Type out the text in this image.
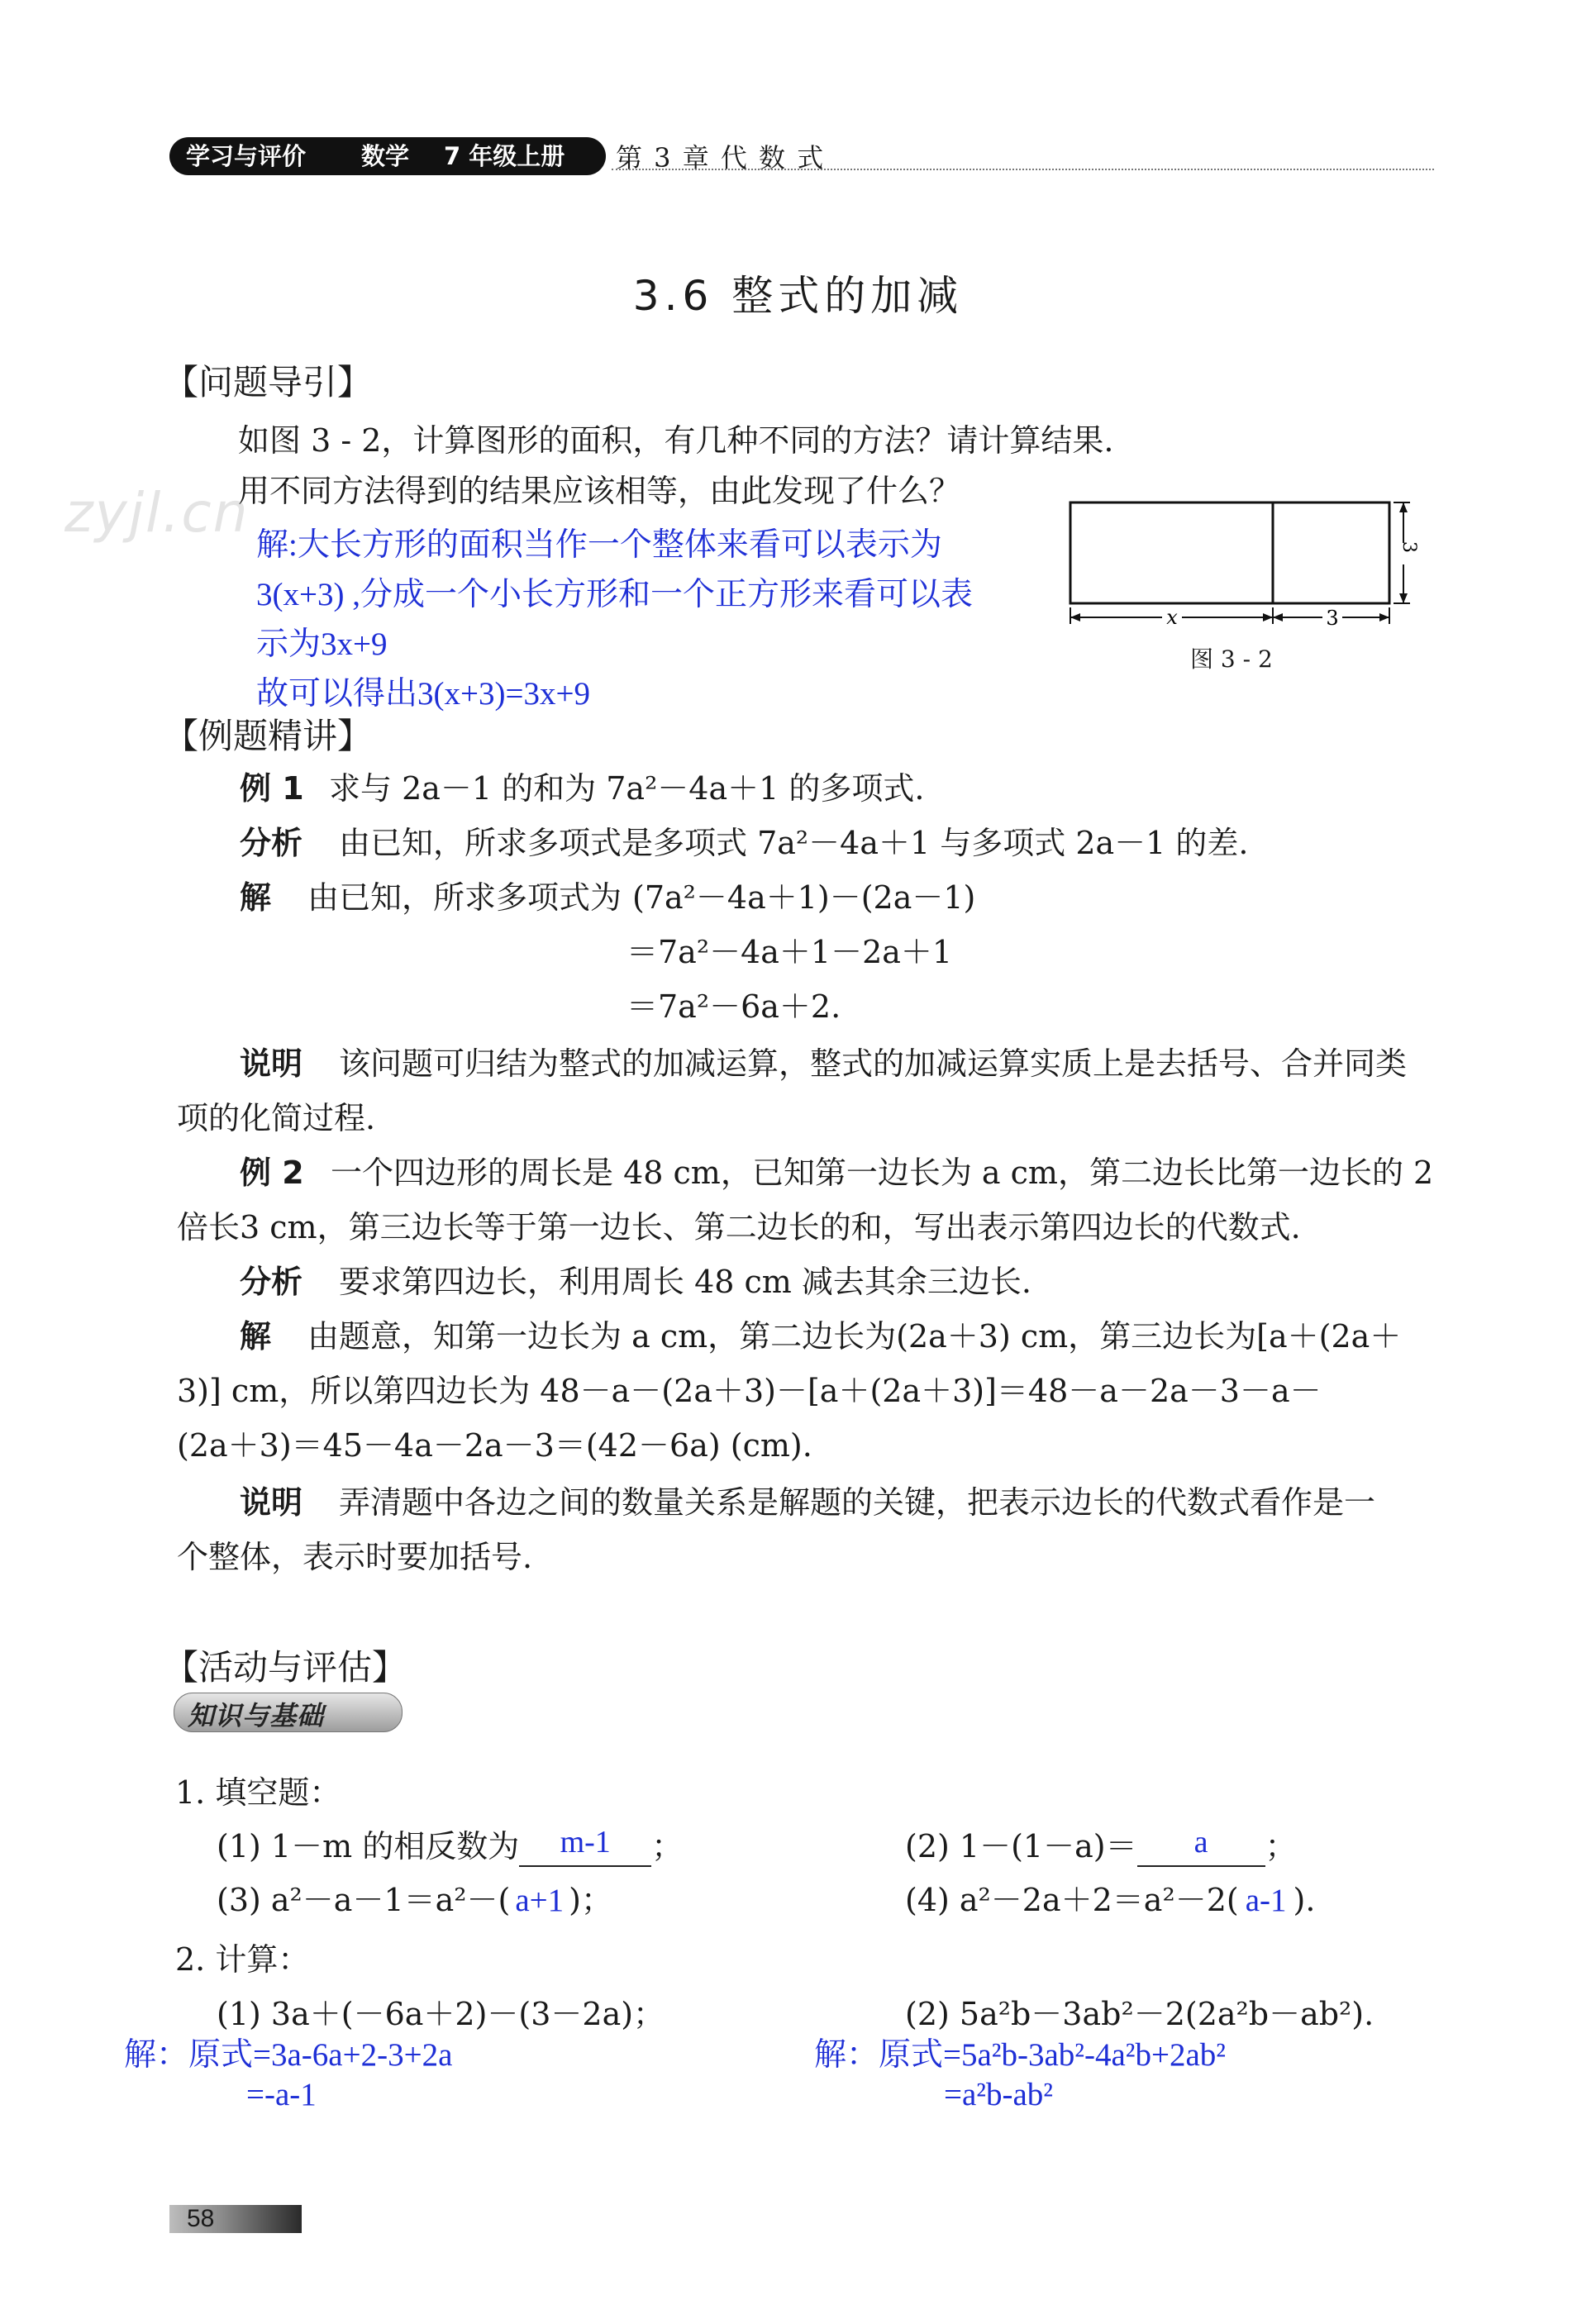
学习与评价 数学 7 年级上册 第 3 章 代 数 式
zyjl.cn
3.6 整式的加减
【问题导引】
如图 3 - 2，计算图形的面积，有几种不同的方法？请计算结果.
用不同方法得到的结果应该相等，由此发现了什么？
解:大长方形的面积当作一个整体来看可以表示为
3(x+3) ,分成一个小长方形和一个正方形来看可以表
示为3x+9
故可以得出3(x+3)=3x+9
x	3
3
图 3 - 2
【例题精讲】
例 1 求与 2a－1 的和为 7a²－4a＋1 的多项式.
分析 由已知，所求多项式是多项式 7a²－4a＋1 与多项式 2a－1 的差.
解 由已知，所求多项式为 (7a²－4a＋1)－(2a－1)
＝7a²－4a＋1－2a＋1
＝7a²－6a＋2.
说明 该问题可归结为整式的加减运算，整式的加减运算实质上是去括号、合并同类
项的化简过程.
例 2 一个四边形的周长是 48 cm，已知第一边长为 a cm，第二边长比第一边长的 2
倍长3 cm，第三边长等于第一边长、第二边长的和，写出表示第四边长的代数式.
分析 要求第四边长，利用周长 48 cm 减去其余三边长.
解 由题意，知第一边长为 a cm，第二边长为(2a＋3) cm，第三边长为[a＋(2a＋
3)] cm，所以第四边长为 48－a－(2a＋3)－[a＋(2a＋3)]＝48－a－2a－3－a－
(2a＋3)＝45－4a－2a－3＝(42－6a) (cm).
说明 弄清题中各边之间的数量关系是解题的关键，把表示边长的代数式看作是一
个整体，表示时要加括号.
【活动与评估】
知识与基础
1. 填空题：
(1) 1－m 的相反数为 m-1 ；	(2) 1－(1－a)＝ a ；
(3) a²－a－1＝a²－( a+1 )；	(4) a²－2a＋2＝a²－2( a-1 ).
2. 计算：
(1) 3a＋(－6a＋2)－(3－2a)；	(2) 5a²b－3ab²－2(2a²b－ab²).
解：原式=3a-6a+2-3+2a
=-a-1
解：原式=5a²b-3ab²-4a²b+2ab²
=a²b-ab²
58
